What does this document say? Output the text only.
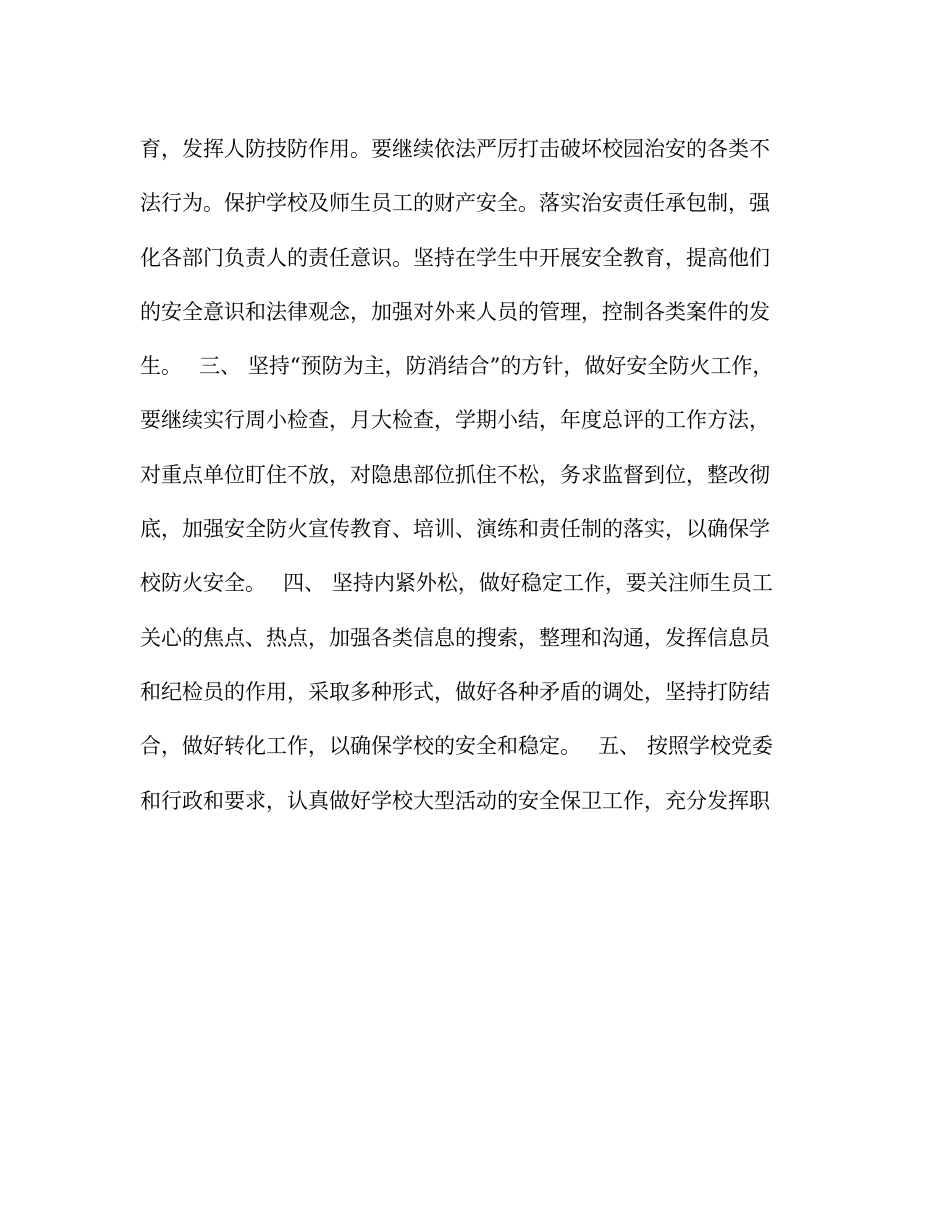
育，发挥人防技防作用。要继续依法严厉打击破坏校园治安的各类不
法行为。保护学校及师生员工的财产安全。落实治安责任承包制，强
化各部门负责人的责任意识。坚持在学生中开展安全教育，提高他们
的安全意识和法律观念，加强对外来人员的管理，控制各类案件的发
生。　 三、 坚持“预防为主，防消结合”的方针，做好安全防火工作，
要继续实行周小检查，月大检查，学期小结，年度总评的工作方法，
对重点单位盯住不放，对隐患部位抓住不松，务求监督到位，整改彻
底，加强安全防火宣传教育、培训、演练和责任制的落实，以确保学
校防火安全。　 四、 坚持内紧外松，做好稳定工作，要关注师生员工
关心的焦点、热点，加强各类信息的搜索，整理和沟通，发挥信息员
和纪检员的作用，采取多种形式，做好各种矛盾的调处，坚持打防结
合，做好转化工作，以确保学校的安全和稳定。　 五、 按照学校党委
和行政和要求，认真做好学校大型活动的安全保卫工作，充分发挥职
